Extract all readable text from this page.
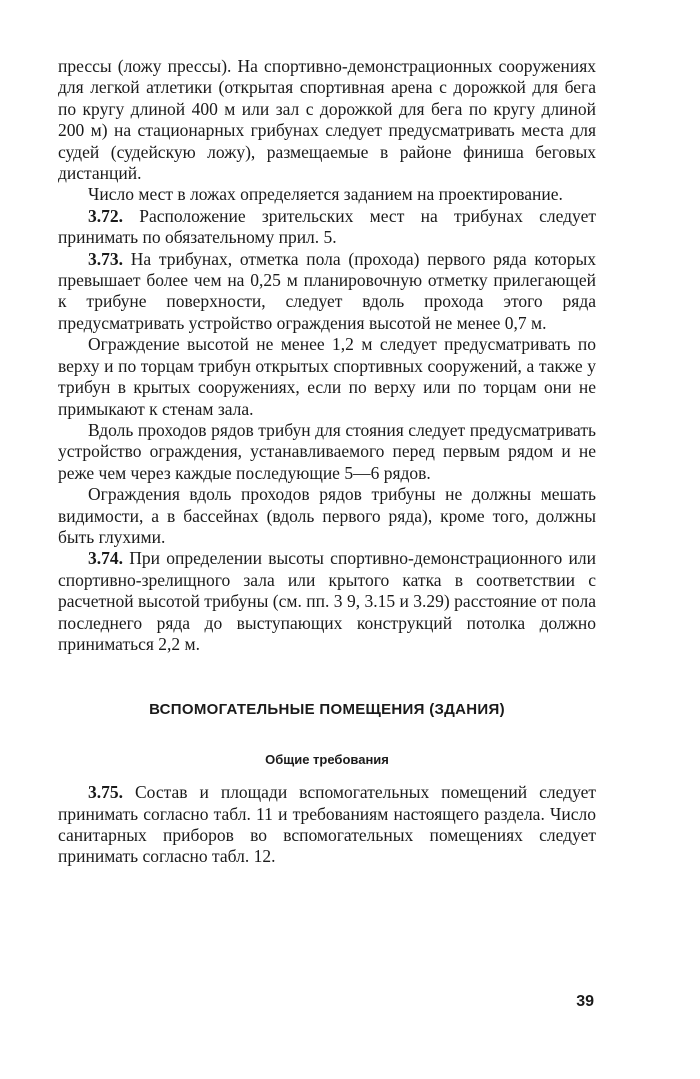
прессы (ложу прессы). На спортивно-демонстрационных сооружениях для легкой атлетики (открытая спортивная арена с дорожкой для бега по кругу длиной 400 м или зал с дорожкой для бега по кругу длиной 200 м) на стационарных грибунах следует предусматривать места для судей (судейскую ложу), размещаемые в районе финиша беговых дистанций.

Число мест в ложах определяется заданием на проектирование.

3.72. Расположение зрительских мест на трибунах следует принимать по обязательному прил. 5.

3.73. На трибунах, отметка пола (прохода) первого ряда которых превышает более чем на 0,25 м планировочную отметку прилегающей к трибуне поверхности, следует вдоль прохода этого ряда предусматривать устройство ограждения высотой не менее 0,7 м.

Ограждение высотой не менее 1,2 м следует предусматривать по верху и по торцам трибун открытых спортивных сооружений, а также у трибун в крытых сооружениях, если по верху или по торцам они не примыкают к стенам зала.

Вдоль проходов рядов трибун для стояния следует предусматривать устройство ограждения, устанавливаемого перед первым рядом и не реже чем через каждые последующие 5—6 рядов.

Ограждения вдоль проходов рядов трибуны не должны мешать видимости, а в бассейнах (вдоль первого ряда), кроме того, должны быть глухими.

3.74. При определении высоты спортивно-демонстрационного или спортивно-зрелищного зала или крытого катка в соответствии с расчетной высотой трибуны (см. пп. 3 9, 3.15 и 3.29) расстояние от пола последнего ряда до выступающих конструкций потолка должно приниматься 2,2 м.

ВСПОМОГАТЕЛЬНЫЕ ПОМЕЩЕНИЯ (ЗДАНИЯ)
Общие требования

3.75. Состав и площади вспомогательных помещений следует принимать согласно табл. 11 и требованиям настоящего раздела. Число санитарных приборов во вспомогательных помещениях следует принимать согласно табл. 12.

39
